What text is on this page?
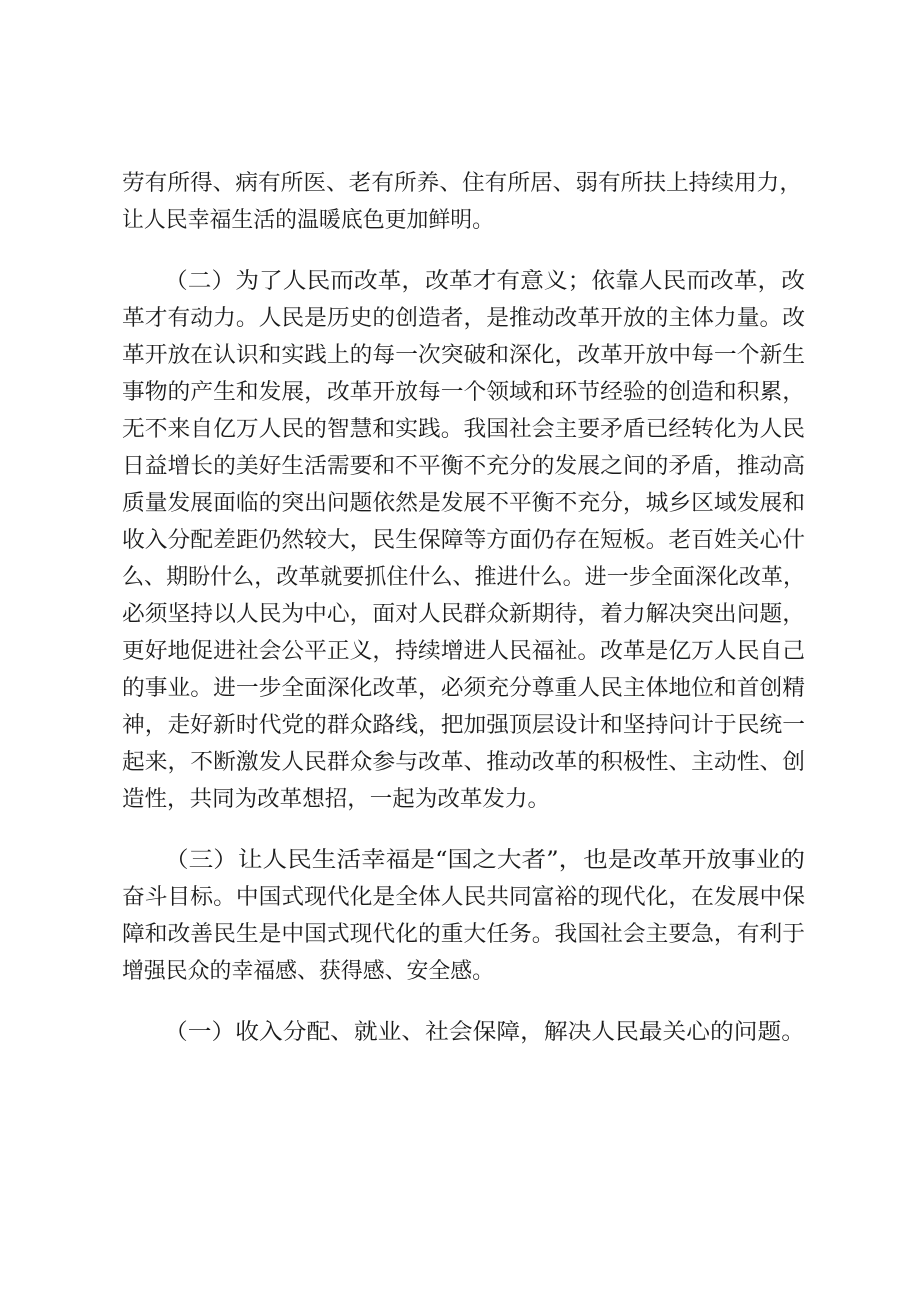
劳有所得、病有所医、老有所养、住有所居、弱有所扶上持续用力，
让人民幸福生活的温暖底色更加鲜明。
（二）为了人民而改革，改革才有意义；依靠人民而改革，改
革才有动力。人民是历史的创造者，是推动改革开放的主体力量。改
革开放在认识和实践上的每一次突破和深化，改革开放中每一个新生
事物的产生和发展，改革开放每一个领域和环节经验的创造和积累，
无不来自亿万人民的智慧和实践。我国社会主要矛盾已经转化为人民
日益增长的美好生活需要和不平衡不充分的发展之间的矛盾，推动高
质量发展面临的突出问题依然是发展不平衡不充分，城乡区域发展和
收入分配差距仍然较大，民生保障等方面仍存在短板。老百姓关心什
么、期盼什么，改革就要抓住什么、推进什么。进一步全面深化改革，
必须坚持以人民为中心，面对人民群众新期待，着力解决突出问题，
更好地促进社会公平正义，持续增进人民福祉。改革是亿万人民自己
的事业。进一步全面深化改革，必须充分尊重人民主体地位和首创精
神，走好新时代党的群众路线，把加强顶层设计和坚持问计于民统一
起来，不断激发人民群众参与改革、推动改革的积极性、主动性、创
造性，共同为改革想招，一起为改革发力。
（三）让人民生活幸福是“国之大者”，也是改革开放事业的
奋斗目标。中国式现代化是全体人民共同富裕的现代化，在发展中保
障和改善民生是中国式现代化的重大任务。我国社会主要急，有利于
增强民众的幸福感、获得感、安全感。
（一）收入分配、就业、社会保障，解决人民最关心的问题。
